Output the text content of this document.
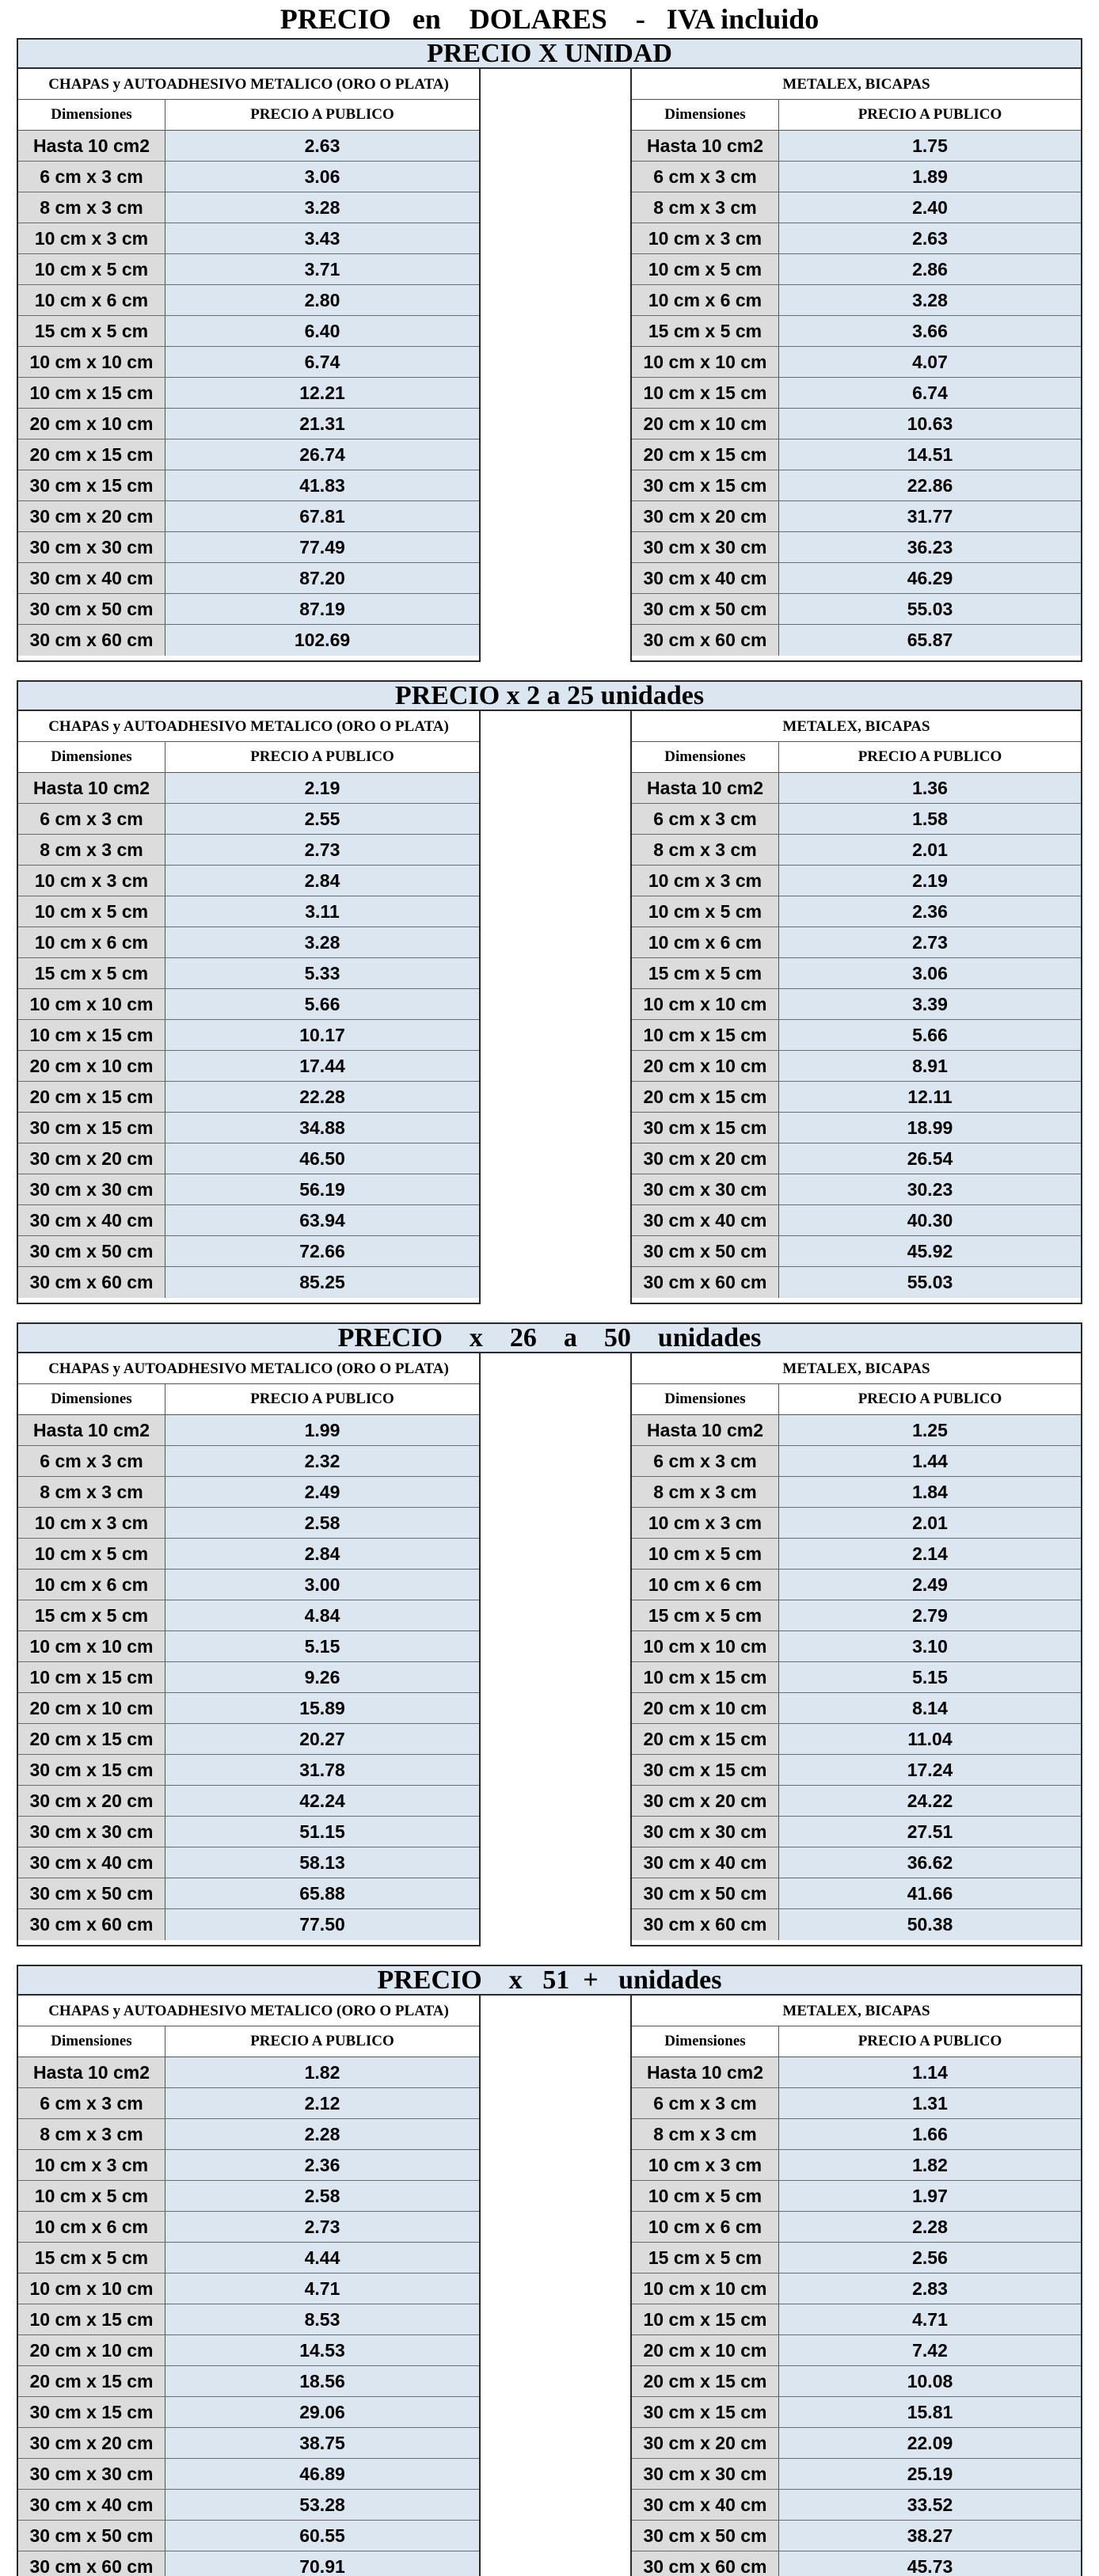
PRECIO   en    DOLARES    -   IVA incluido
PRECIO X UNIDAD
CHAPAS y AUTOADHESIVO METALICO (ORO O PLATA)
Dimensiones	PRECIO A PUBLICO
Hasta 10 cm2	2.63
6 cm x 3 cm	3.06
8 cm x 3 cm	3.28
10 cm x 3 cm	3.43
10 cm x 5 cm	3.71
10 cm x 6 cm	2.80
15 cm x 5 cm	6.40
10 cm x 10 cm	6.74
10 cm x 15 cm	12.21
20 cm x 10 cm	21.31
20 cm x 15 cm	26.74
30 cm x 15 cm	41.83
30 cm x 20 cm	67.81
30 cm x 30 cm	77.49
30 cm x 40 cm	87.20
30 cm x 50 cm	87.19
30 cm x 60 cm	102.69
METALEX, BICAPAS
Dimensiones	PRECIO A PUBLICO
Hasta 10 cm2	1.75
6 cm x 3 cm	1.89
8 cm x 3 cm	2.40
10 cm x 3 cm	2.63
10 cm x 5 cm	2.86
10 cm x 6 cm	3.28
15 cm x 5 cm	3.66
10 cm x 10 cm	4.07
10 cm x 15 cm	6.74
20 cm x 10 cm	10.63
20 cm x 15 cm	14.51
30 cm x 15 cm	22.86
30 cm x 20 cm	31.77
30 cm x 30 cm	36.23
30 cm x 40 cm	46.29
30 cm x 50 cm	55.03
30 cm x 60 cm	65.87
PRECIO x 2 a 25 unidades
CHAPAS y AUTOADHESIVO METALICO (ORO O PLATA)
Dimensiones	PRECIO A PUBLICO
Hasta 10 cm2	2.19
6 cm x 3 cm	2.55
8 cm x 3 cm	2.73
10 cm x 3 cm	2.84
10 cm x 5 cm	3.11
10 cm x 6 cm	3.28
15 cm x 5 cm	5.33
10 cm x 10 cm	5.66
10 cm x 15 cm	10.17
20 cm x 10 cm	17.44
20 cm x 15 cm	22.28
30 cm x 15 cm	34.88
30 cm x 20 cm	46.50
30 cm x 30 cm	56.19
30 cm x 40 cm	63.94
30 cm x 50 cm	72.66
30 cm x 60 cm	85.25
METALEX, BICAPAS
Dimensiones	PRECIO A PUBLICO
Hasta 10 cm2	1.36
6 cm x 3 cm	1.58
8 cm x 3 cm	2.01
10 cm x 3 cm	2.19
10 cm x 5 cm	2.36
10 cm x 6 cm	2.73
15 cm x 5 cm	3.06
10 cm x 10 cm	3.39
10 cm x 15 cm	5.66
20 cm x 10 cm	8.91
20 cm x 15 cm	12.11
30 cm x 15 cm	18.99
30 cm x 20 cm	26.54
30 cm x 30 cm	30.23
30 cm x 40 cm	40.30
30 cm x 50 cm	45.92
30 cm x 60 cm	55.03
PRECIO    x    26    a    50    unidades
CHAPAS y AUTOADHESIVO METALICO (ORO O PLATA)
Dimensiones	PRECIO A PUBLICO
Hasta 10 cm2	1.99
6 cm x 3 cm	2.32
8 cm x 3 cm	2.49
10 cm x 3 cm	2.58
10 cm x 5 cm	2.84
10 cm x 6 cm	3.00
15 cm x 5 cm	4.84
10 cm x 10 cm	5.15
10 cm x 15 cm	9.26
20 cm x 10 cm	15.89
20 cm x 15 cm	20.27
30 cm x 15 cm	31.78
30 cm x 20 cm	42.24
30 cm x 30 cm	51.15
30 cm x 40 cm	58.13
30 cm x 50 cm	65.88
30 cm x 60 cm	77.50
METALEX, BICAPAS
Dimensiones	PRECIO A PUBLICO
Hasta 10 cm2	1.25
6 cm x 3 cm	1.44
8 cm x 3 cm	1.84
10 cm x 3 cm	2.01
10 cm x 5 cm	2.14
10 cm x 6 cm	2.49
15 cm x 5 cm	2.79
10 cm x 10 cm	3.10
10 cm x 15 cm	5.15
20 cm x 10 cm	8.14
20 cm x 15 cm	11.04
30 cm x 15 cm	17.24
30 cm x 20 cm	24.22
30 cm x 30 cm	27.51
30 cm x 40 cm	36.62
30 cm x 50 cm	41.66
30 cm x 60 cm	50.38
PRECIO    x   51  +   unidades
CHAPAS y AUTOADHESIVO METALICO (ORO O PLATA)
Dimensiones	PRECIO A PUBLICO
Hasta 10 cm2	1.82
6 cm x 3 cm	2.12
8 cm x 3 cm	2.28
10 cm x 3 cm	2.36
10 cm x 5 cm	2.58
10 cm x 6 cm	2.73
15 cm x 5 cm	4.44
10 cm x 10 cm	4.71
10 cm x 15 cm	8.53
20 cm x 10 cm	14.53
20 cm x 15 cm	18.56
30 cm x 15 cm	29.06
30 cm x 20 cm	38.75
30 cm x 30 cm	46.89
30 cm x 40 cm	53.28
30 cm x 50 cm	60.55
30 cm x 60 cm	70.91
METALEX, BICAPAS
Dimensiones	PRECIO A PUBLICO
Hasta 10 cm2	1.14
6 cm x 3 cm	1.31
8 cm x 3 cm	1.66
10 cm x 3 cm	1.82
10 cm x 5 cm	1.97
10 cm x 6 cm	2.28
15 cm x 5 cm	2.56
10 cm x 10 cm	2.83
10 cm x 15 cm	4.71
20 cm x 10 cm	7.42
20 cm x 15 cm	10.08
30 cm x 15 cm	15.81
30 cm x 20 cm	22.09
30 cm x 30 cm	25.19
30 cm x 40 cm	33.52
30 cm x 50 cm	38.27
30 cm x 60 cm	45.73
